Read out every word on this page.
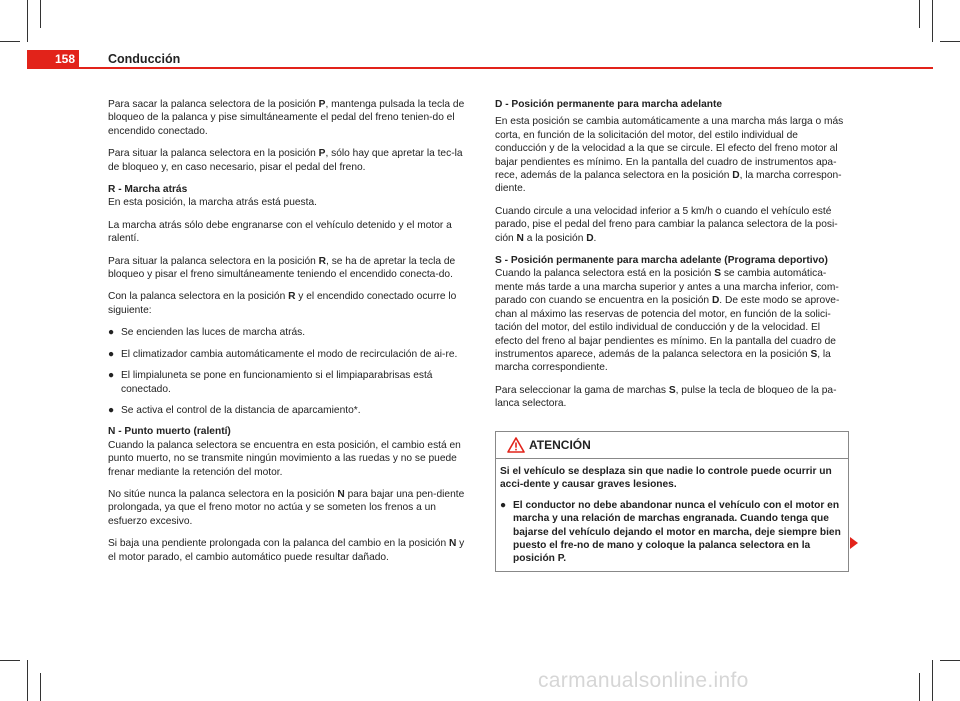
158	Conducción

Para sacar la palanca selectora de la posición P, mantenga pulsada la tecla de bloqueo de la palanca y pise simultáneamente el pedal del freno tenien-do el encendido conectado.

Para situar la palanca selectora en la posición P, sólo hay que apretar la tec-la de bloqueo y, en caso necesario, pisar el pedal del freno.

R - Marcha atrás

En esta posición, la marcha atrás está puesta.

La marcha atrás sólo debe engranarse con el vehículo detenido y el motor a ralentí.

Para situar la palanca selectora en la posición R, se ha de apretar la tecla de bloqueo y pisar el freno simultáneamente teniendo el encendido conecta-do.

Con la palanca selectora en la posición R y el encendido conectado ocurre lo siguiente:

● Se encienden las luces de marcha atrás.
● El climatizador cambia automáticamente el modo de recirculación de ai-re.
● El limpialuneta se pone en funcionamiento si el limpiaparabrisas está conectado.
● Se activa el control de la distancia de aparcamiento*.

N - Punto muerto (ralentí)

Cuando la palanca selectora se encuentra en esta posición, el cambio está en punto muerto, no se transmite ningún movimiento a las ruedas y no se puede frenar mediante la retención del motor.

No sitúe nunca la palanca selectora en la posición N para bajar una pen-diente prolongada, ya que el freno motor no actúa y se someten los frenos a un esfuerzo excesivo.

Si baja una pendiente prolongada con la palanca del cambio en la posición N y el motor parado, el cambio automático puede resultar dañado.

D - Posición permanente para marcha adelante

En esta posición se cambia automáticamente a una marcha más larga o más corta, en función de la solicitación del motor, del estilo individual de conducción y de la velocidad a la que se circule. El efecto del freno motor al bajar pendientes es mínimo. En la pantalla del cuadro de instrumentos apa-rece, además de la palanca selectora en la posición D, la marcha correspon-diente.

Cuando circule a una velocidad inferior a 5 km/h o cuando el vehículo esté parado, pise el pedal del freno para cambiar la palanca selectora de la posi-ción N a la posición D.

S - Posición permanente para marcha adelante (Programa deportivo)

Cuando la palanca selectora está en la posición S se cambia automática-mente más tarde a una marcha superior y antes a una marcha inferior, com-parado con cuando se encuentra en la posición D. De este modo se aprove-chan al máximo las reservas de potencia del motor, en función de la solici-tación del motor, del estilo individual de conducción y de la velocidad. El efecto del freno al bajar pendientes es mínimo. En la pantalla del cuadro de instrumentos aparece, además de la palanca selectora en la posición S, la marcha correspondiente.

Para seleccionar la gama de marchas S, pulse la tecla de bloqueo de la pa-lanca selectora.

ATENCIÓN

Si el vehículo se desplaza sin que nadie lo controle puede ocurrir un acci-dente y causar graves lesiones.

● El conductor no debe abandonar nunca el vehículo con el motor en marcha y una relación de marchas engranada. Cuando tenga que bajarse del vehículo dejando el motor en marcha, deje siempre bien puesto el fre-no de mano y coloque la palanca selectora en la posición P.
carmanualsonline.info
